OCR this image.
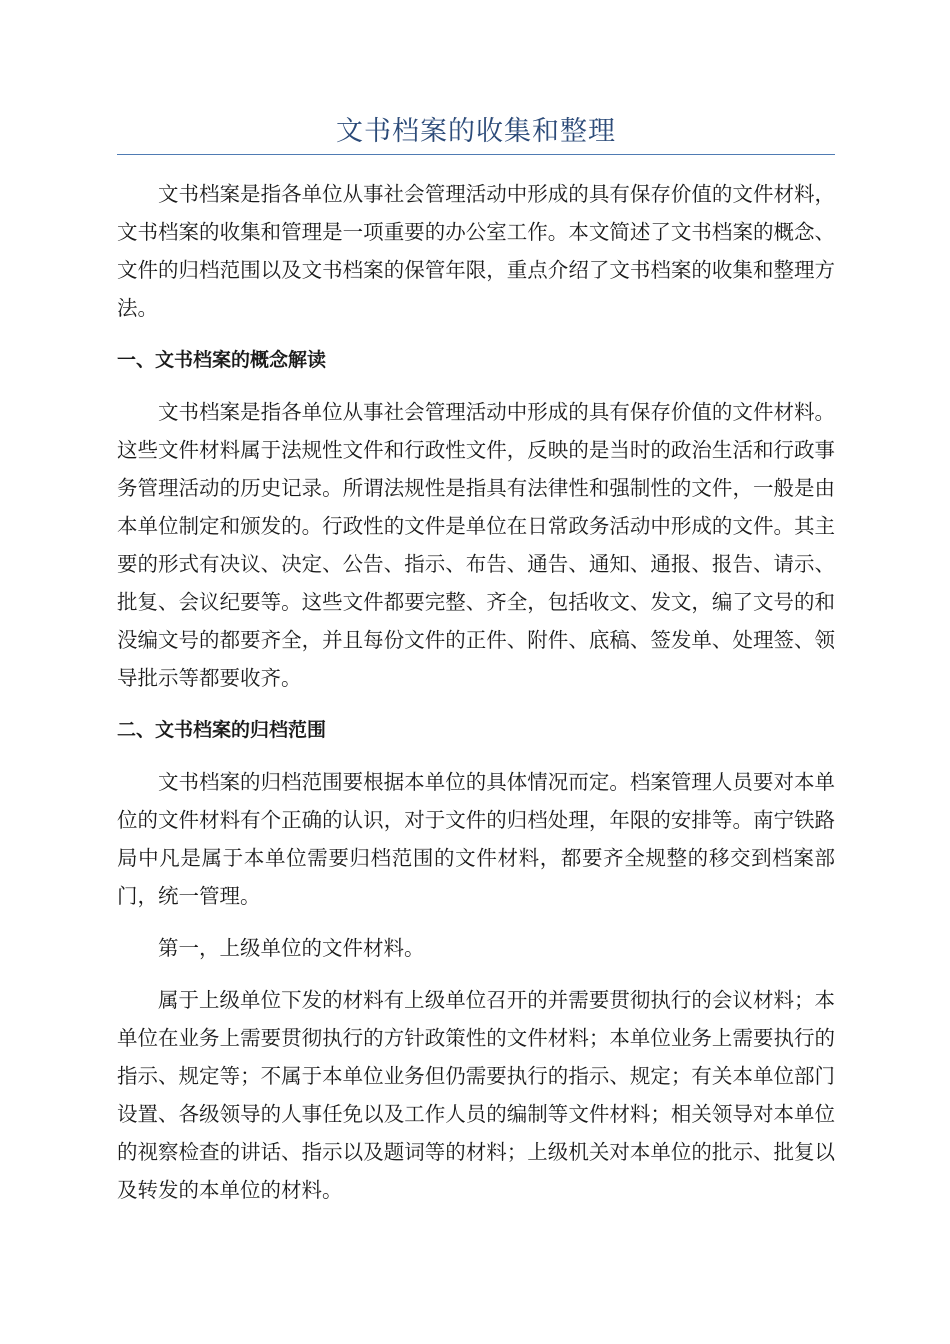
文书档案的收集和整理

文书档案是指各单位从事社会管理活动中形成的具有保存价值的文件材料，文书档案的收集和管理是一项重要的办公室工作。本文简述了文书档案的概念、文件的归档范围以及文书档案的保管年限，重点介绍了文书档案的收集和整理方法。

一、文书档案的概念解读

文书档案是指各单位从事社会管理活动中形成的具有保存价值的文件材料。这些文件材料属于法规性文件和行政性文件，反映的是当时的政治生活和行政事务管理活动的历史记录。所谓法规性是指具有法律性和强制性的文件，一般是由本单位制定和颁发的。行政性的文件是单位在日常政务活动中形成的文件。其主要的形式有决议、决定、公告、指示、布告、通告、通知、通报、报告、请示、批复、会议纪要等。这些文件都要完整、齐全，包括收文、发文，编了文号的和没编文号的都要齐全，并且每份文件的正件、附件、底稿、签发单、处理签、领导批示等都要收齐。

二、文书档案的归档范围

文书档案的归档范围要根据本单位的具体情况而定。档案管理人员要对本单位的文件材料有个正确的认识，对于文件的归档处理，年限的安排等。南宁铁路局中凡是属于本单位需要归档范围的文件材料，都要齐全规整的移交到档案部门，统一管理。

第一，上级单位的文件材料。

属于上级单位下发的材料有上级单位召开的并需要贯彻执行的会议材料；本单位在业务上需要贯彻执行的方针政策性的文件材料；本单位业务上需要执行的指示、规定等；不属于本单位业务但仍需要执行的指示、规定；有关本单位部门设置、各级领导的人事任免以及工作人员的编制等文件材料；相关领导对本单位的视察检查的讲话、指示以及题词等的材料；上级机关对本单位的批示、批复以及转发的本单位的材料。
